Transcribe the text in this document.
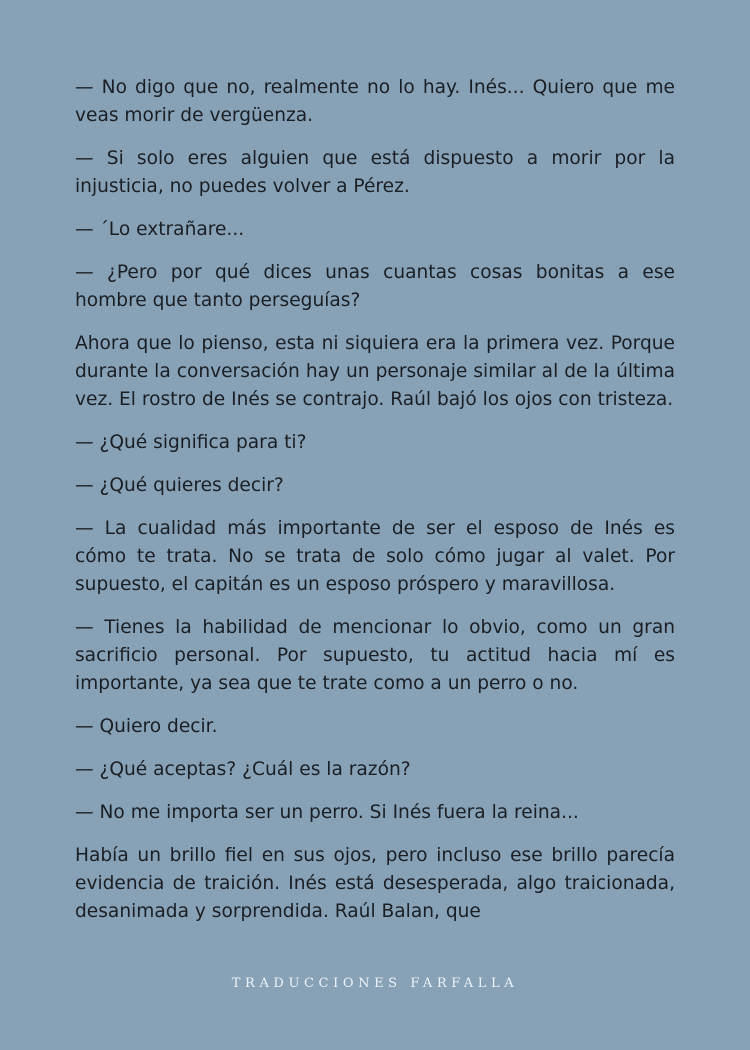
— No digo que no, realmente no lo hay. Inés... Quiero que me veas morir de vergüenza.

— Si solo eres alguien que está dispuesto a morir por la injusticia, no puedes volver a Pérez.

— ´Lo extrañare...

— ¿Pero por qué dices unas cuantas cosas bonitas a ese hombre que tanto perseguías?

Ahora que lo pienso, esta ni siquiera era la primera vez. Porque durante la conversación hay un personaje similar al de la última vez. El rostro de Inés se contrajo. Raúl bajó los ojos con tristeza.

— ¿Qué significa para ti?

— ¿Qué quieres decir?

— La cualidad más importante de ser el esposo de Inés es cómo te trata. No se trata de solo cómo jugar al valet. Por supuesto, el capitán es un esposo próspero y maravillosa.

— Tienes la habilidad de mencionar lo obvio, como un gran sacrificio personal. Por supuesto, tu actitud hacia mí es importante, ya sea que te trate como a un perro o no.

— Quiero decir.

— ¿Qué aceptas? ¿Cuál es la razón?

— No me importa ser un perro. Si Inés fuera la reina...

Había un brillo fiel en sus ojos, pero incluso ese brillo parecía evidencia de traición. Inés está desesperada, algo traicionada, desanimada y sorprendida. Raúl Balan, que

TRADUCCIONES FARFALLA
